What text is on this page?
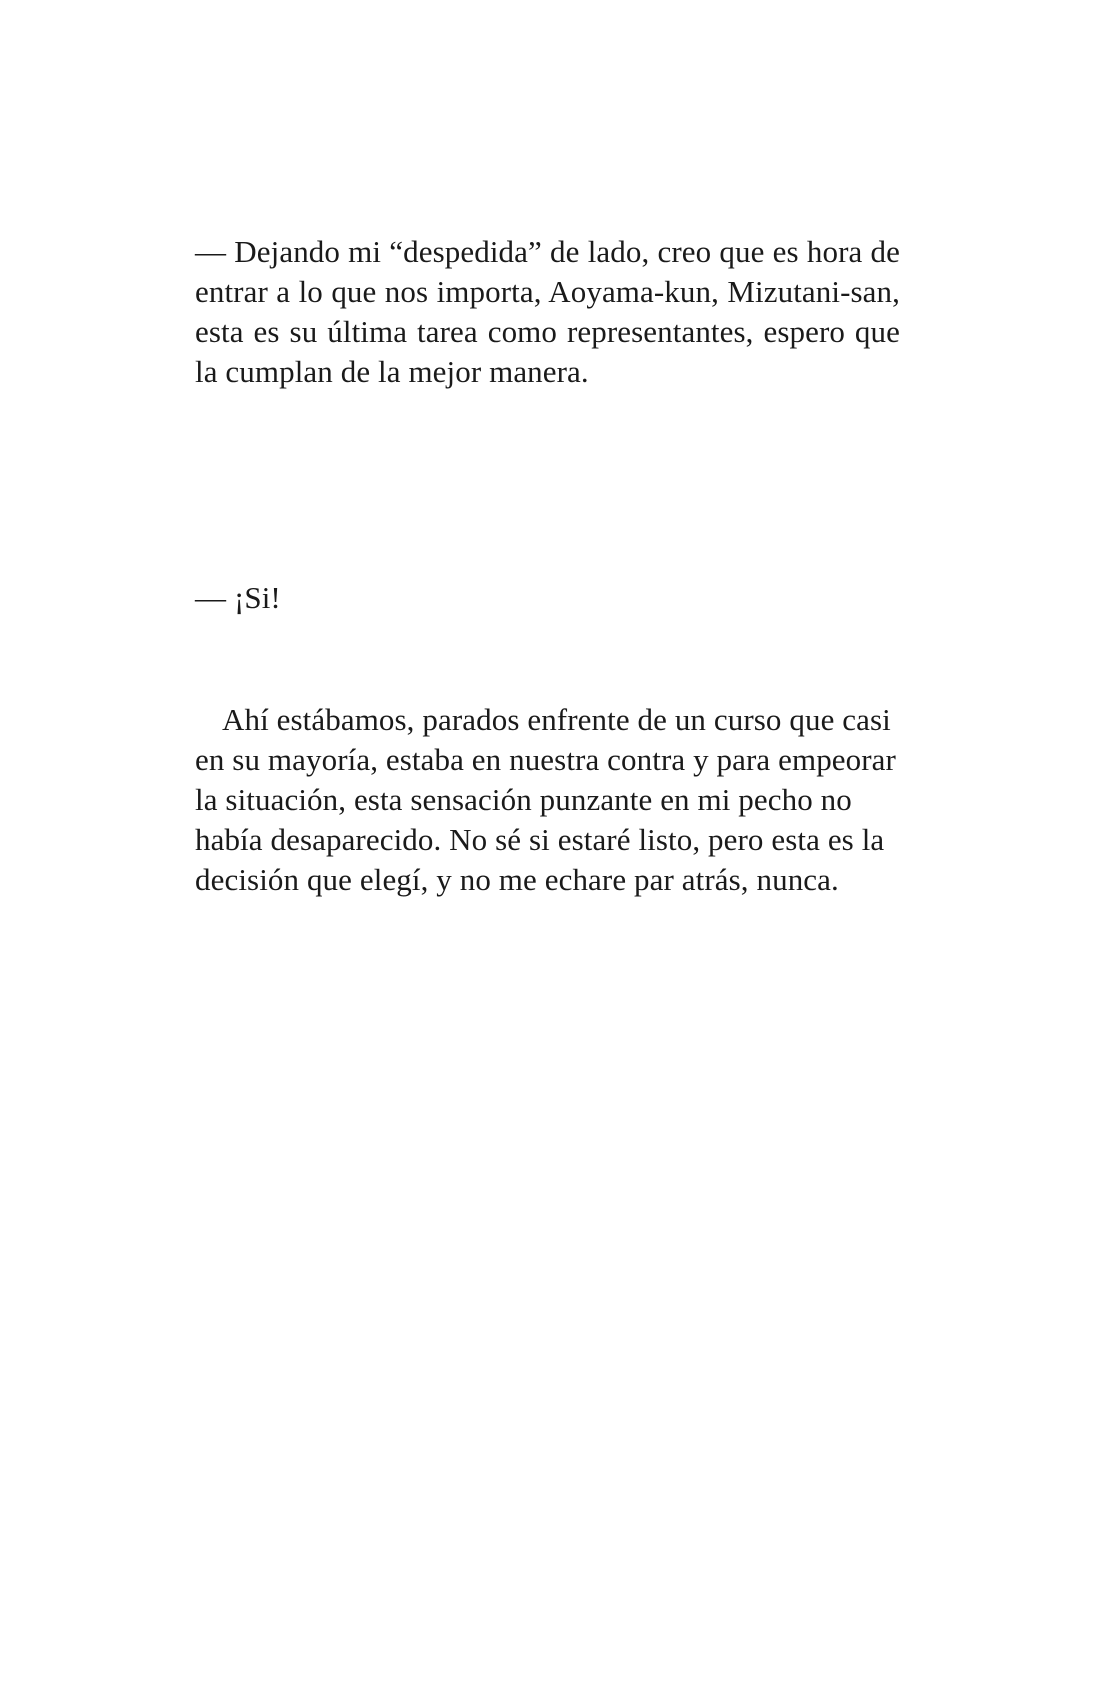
— Dejando mi “despedida” de lado, creo que es hora de entrar a lo que nos importa, Aoyama-kun, Mizutani-san, esta es su última tarea como representantes, espero que la cumplan de la mejor manera.

— ¡Si!

Ahí estábamos, parados enfrente de un curso que casi en su mayoría, estaba en nuestra contra y para empeorar la situación, esta sensación punzante en mi pecho no había desaparecido. No sé si estaré listo, pero esta es la decisión que elegí, y no me echare par atrás, nunca.
